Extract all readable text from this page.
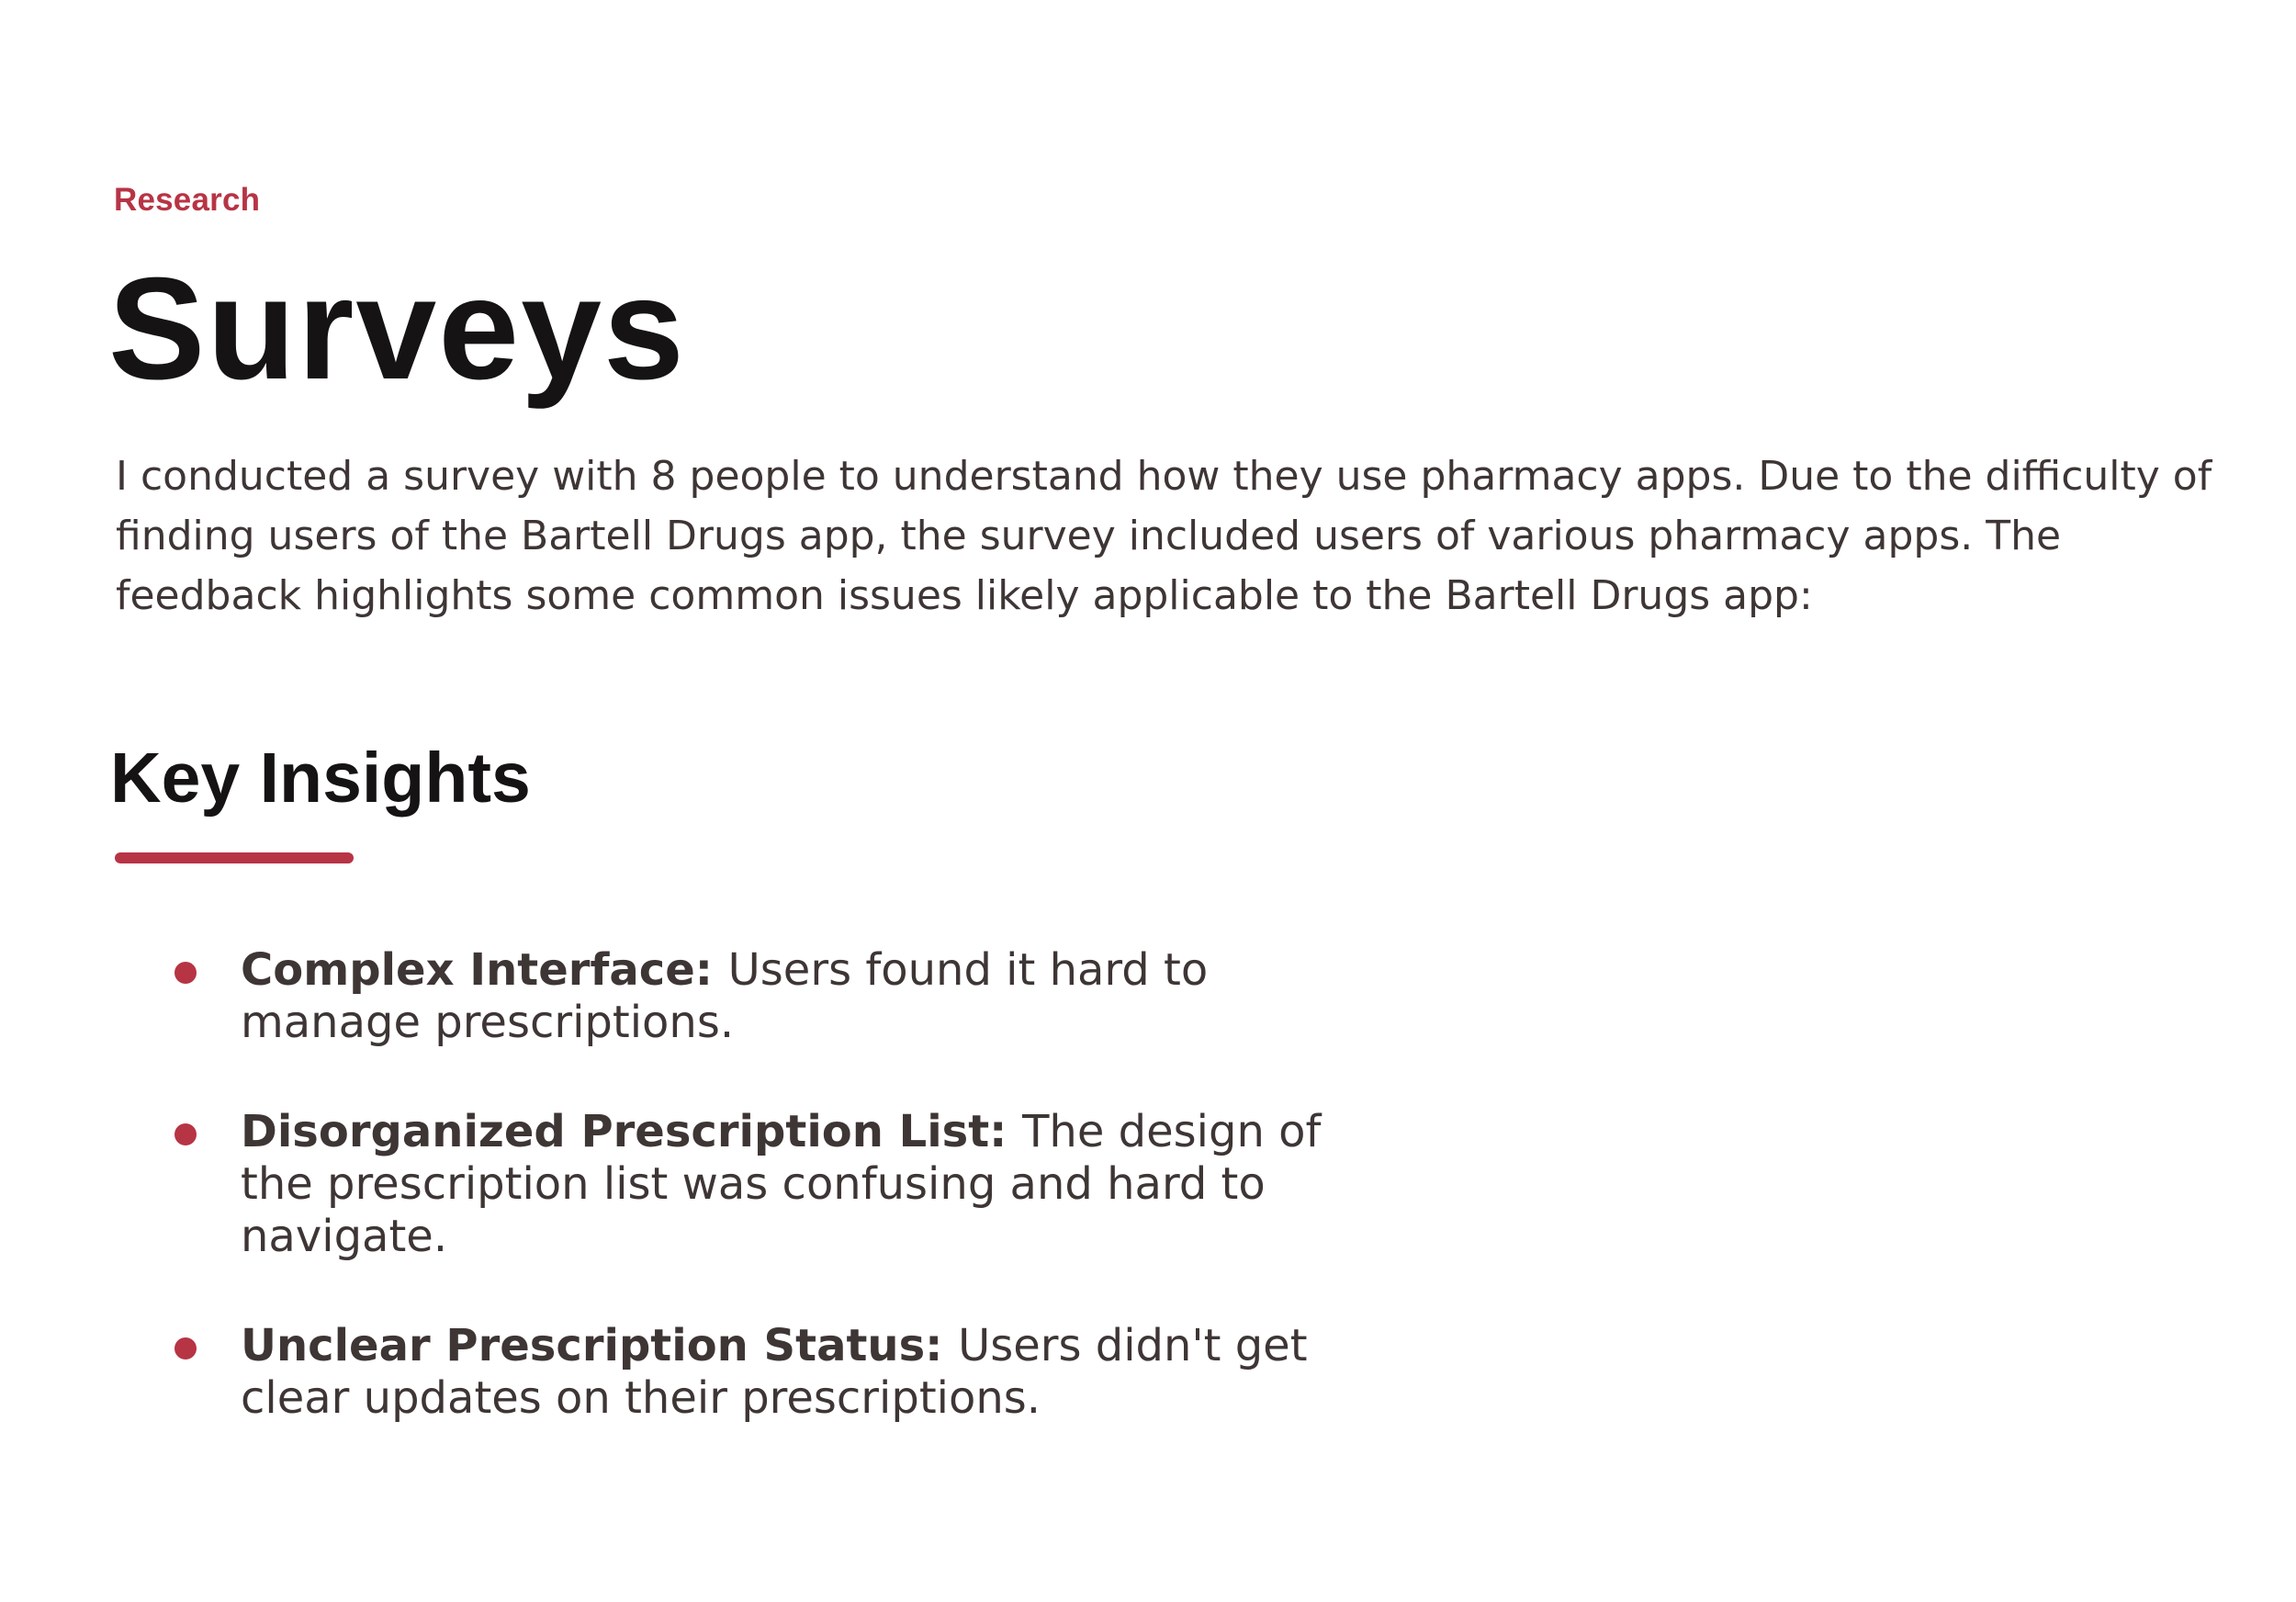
Research
Surveys

I conducted a survey with 8 people to understand how they use pharmacy apps. Due to the difficulty of finding users of the Bartell Drugs app, the survey included users of various pharmacy apps. The feedback highlights some common issues likely applicable to the Bartell Drugs app:

Key Insights
Complex Interface: Users found it hard to manage prescriptions.
Disorganized Prescription List: The design of the prescription list was confusing and hard to navigate.
Unclear Prescription Status: Users didn't get clear updates on their prescriptions.
